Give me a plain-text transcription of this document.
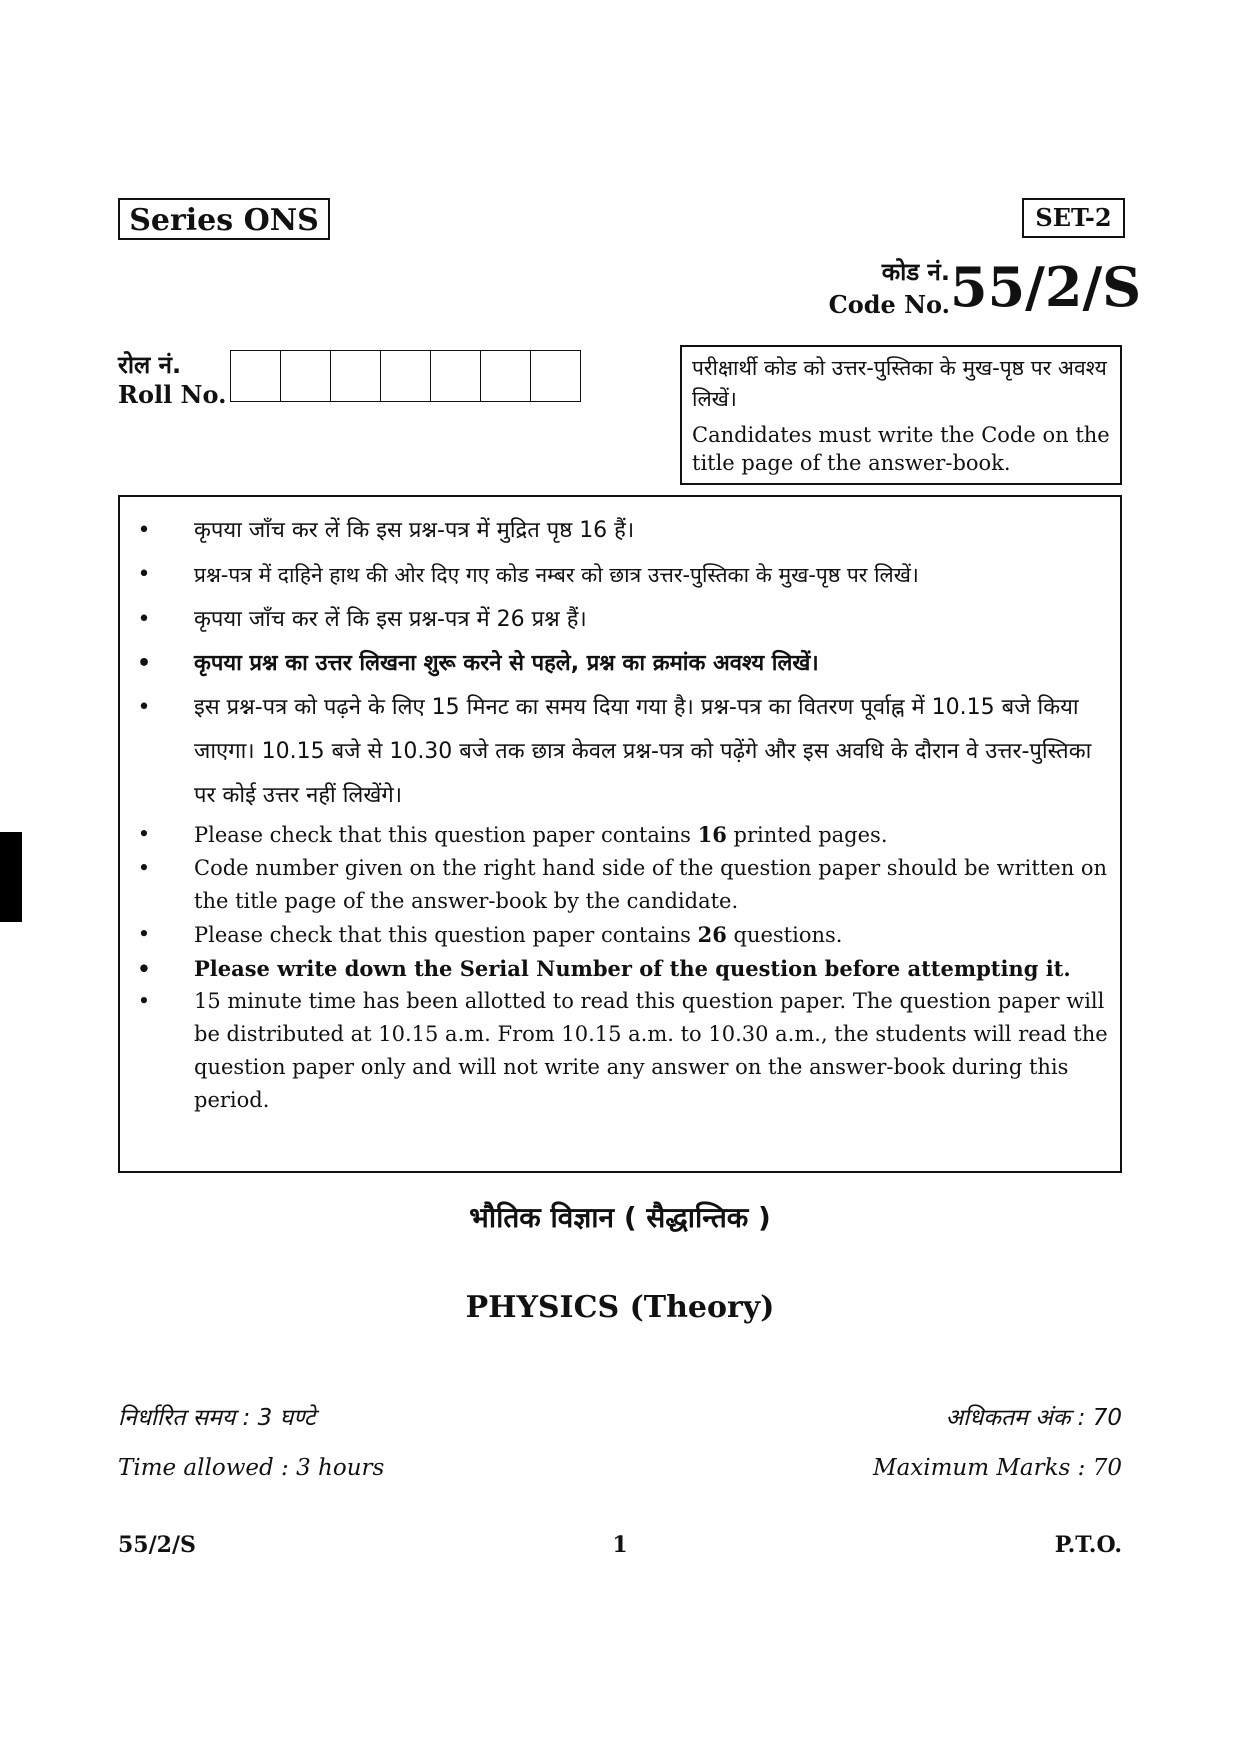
Series ONS	SET-2
कोड नं.
Code No. 55/2/S
रोल नं.
Roll No.
परीक्षार्थी कोड को उत्तर-पुस्तिका के मुख-पृष्ठ पर अवश्य लिखें।
Candidates must write the Code on the title page of the answer-book.
• कृपया जाँच कर लें कि इस प्रश्न-पत्र में मुद्रित पृष्ठ 16 हैं।
• प्रश्न-पत्र में दाहिने हाथ की ओर दिए गए कोड नम्बर को छात्र उत्तर-पुस्तिका के मुख-पृष्ठ पर लिखें।
• कृपया जाँच कर लें कि इस प्रश्न-पत्र में 26 प्रश्न हैं।
• कृपया प्रश्न का उत्तर लिखना शुरू करने से पहले, प्रश्न का क्रमांक अवश्य लिखें।
• इस प्रश्न-पत्र को पढ़ने के लिए 15 मिनट का समय दिया गया है। प्रश्न-पत्र का वितरण पूर्वाह्न में 10.15 बजे किया जाएगा। 10.15 बजे से 10.30 बजे तक छात्र केवल प्रश्न-पत्र को पढ़ेंगे और इस अवधि के दौरान वे उत्तर-पुस्तिका पर कोई उत्तर नहीं लिखेंगे।
• Please check that this question paper contains 16 printed pages.
• Code number given on the right hand side of the question paper should be written on the title page of the answer-book by the candidate.
• Please check that this question paper contains 26 questions.
• Please write down the Serial Number of the question before attempting it.
• 15 minute time has been allotted to read this question paper. The question paper will be distributed at 10.15 a.m. From 10.15 a.m. to 10.30 a.m., the students will read the question paper only and will not write any answer on the answer-book during this period.
भौतिक विज्ञान ( सैद्धान्तिक )
PHYSICS (Theory)
निर्धारित समय : 3 घण्टे
Time allowed : 3 hours
अधिकतम अंक : 70
Maximum Marks : 70
55/2/S	1	P.T.O.
